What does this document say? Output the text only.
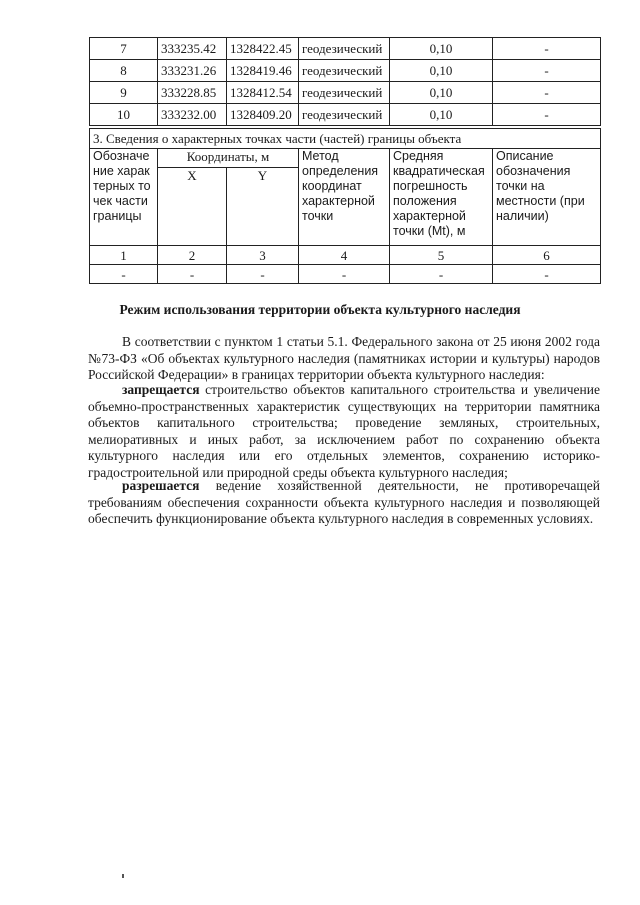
7	333235.42	1328422.45	геодезический	0,10	-
8	333231.26	1328419.46	геодезический	0,10	-
9	333228.85	1328412.54	геодезический	0,10	-
10	333232.00	1328409.20	геодезический	0,10	-
3. Сведения о характерных точках части (частей) границы объекта					
Обозначение характерных точек части границы	Координаты, м		Метод определения координат характерной точки	Средняя квадратическая погрешность положения характерной точки (Mt), м	Описание обозначения точки на местности (при наличии)
	X	Y			
1	2	3	4	5	6
-	-	-	-	-	-
Режим использования территории объекта культурного наследия

В соответствии с пунктом 1 статьи 5.1. Федерального закона от 25 июня 2002 года №73-ФЗ «Об объектах культурного наследия (памятниках истории и культуры) народов Российской Федерации» в границах территории объекта культурного наследия:

запрещается строительство объектов капитального строительства и увеличение объемно-пространственных характеристик существующих на территории памятника объектов капитального строительства; проведение земляных, строительных, мелиоративных и иных работ, за исключением работ по сохранению объекта культурного наследия или его отдельных элементов, сохранению историко-градостроительной или природной среды объекта культурного наследия;

разрешается ведение хозяйственной деятельности, не противоречащей требованиям обеспечения сохранности объекта культурного наследия и позволяющей обеспечить функционирование объекта культурного наследия в современных условиях.
